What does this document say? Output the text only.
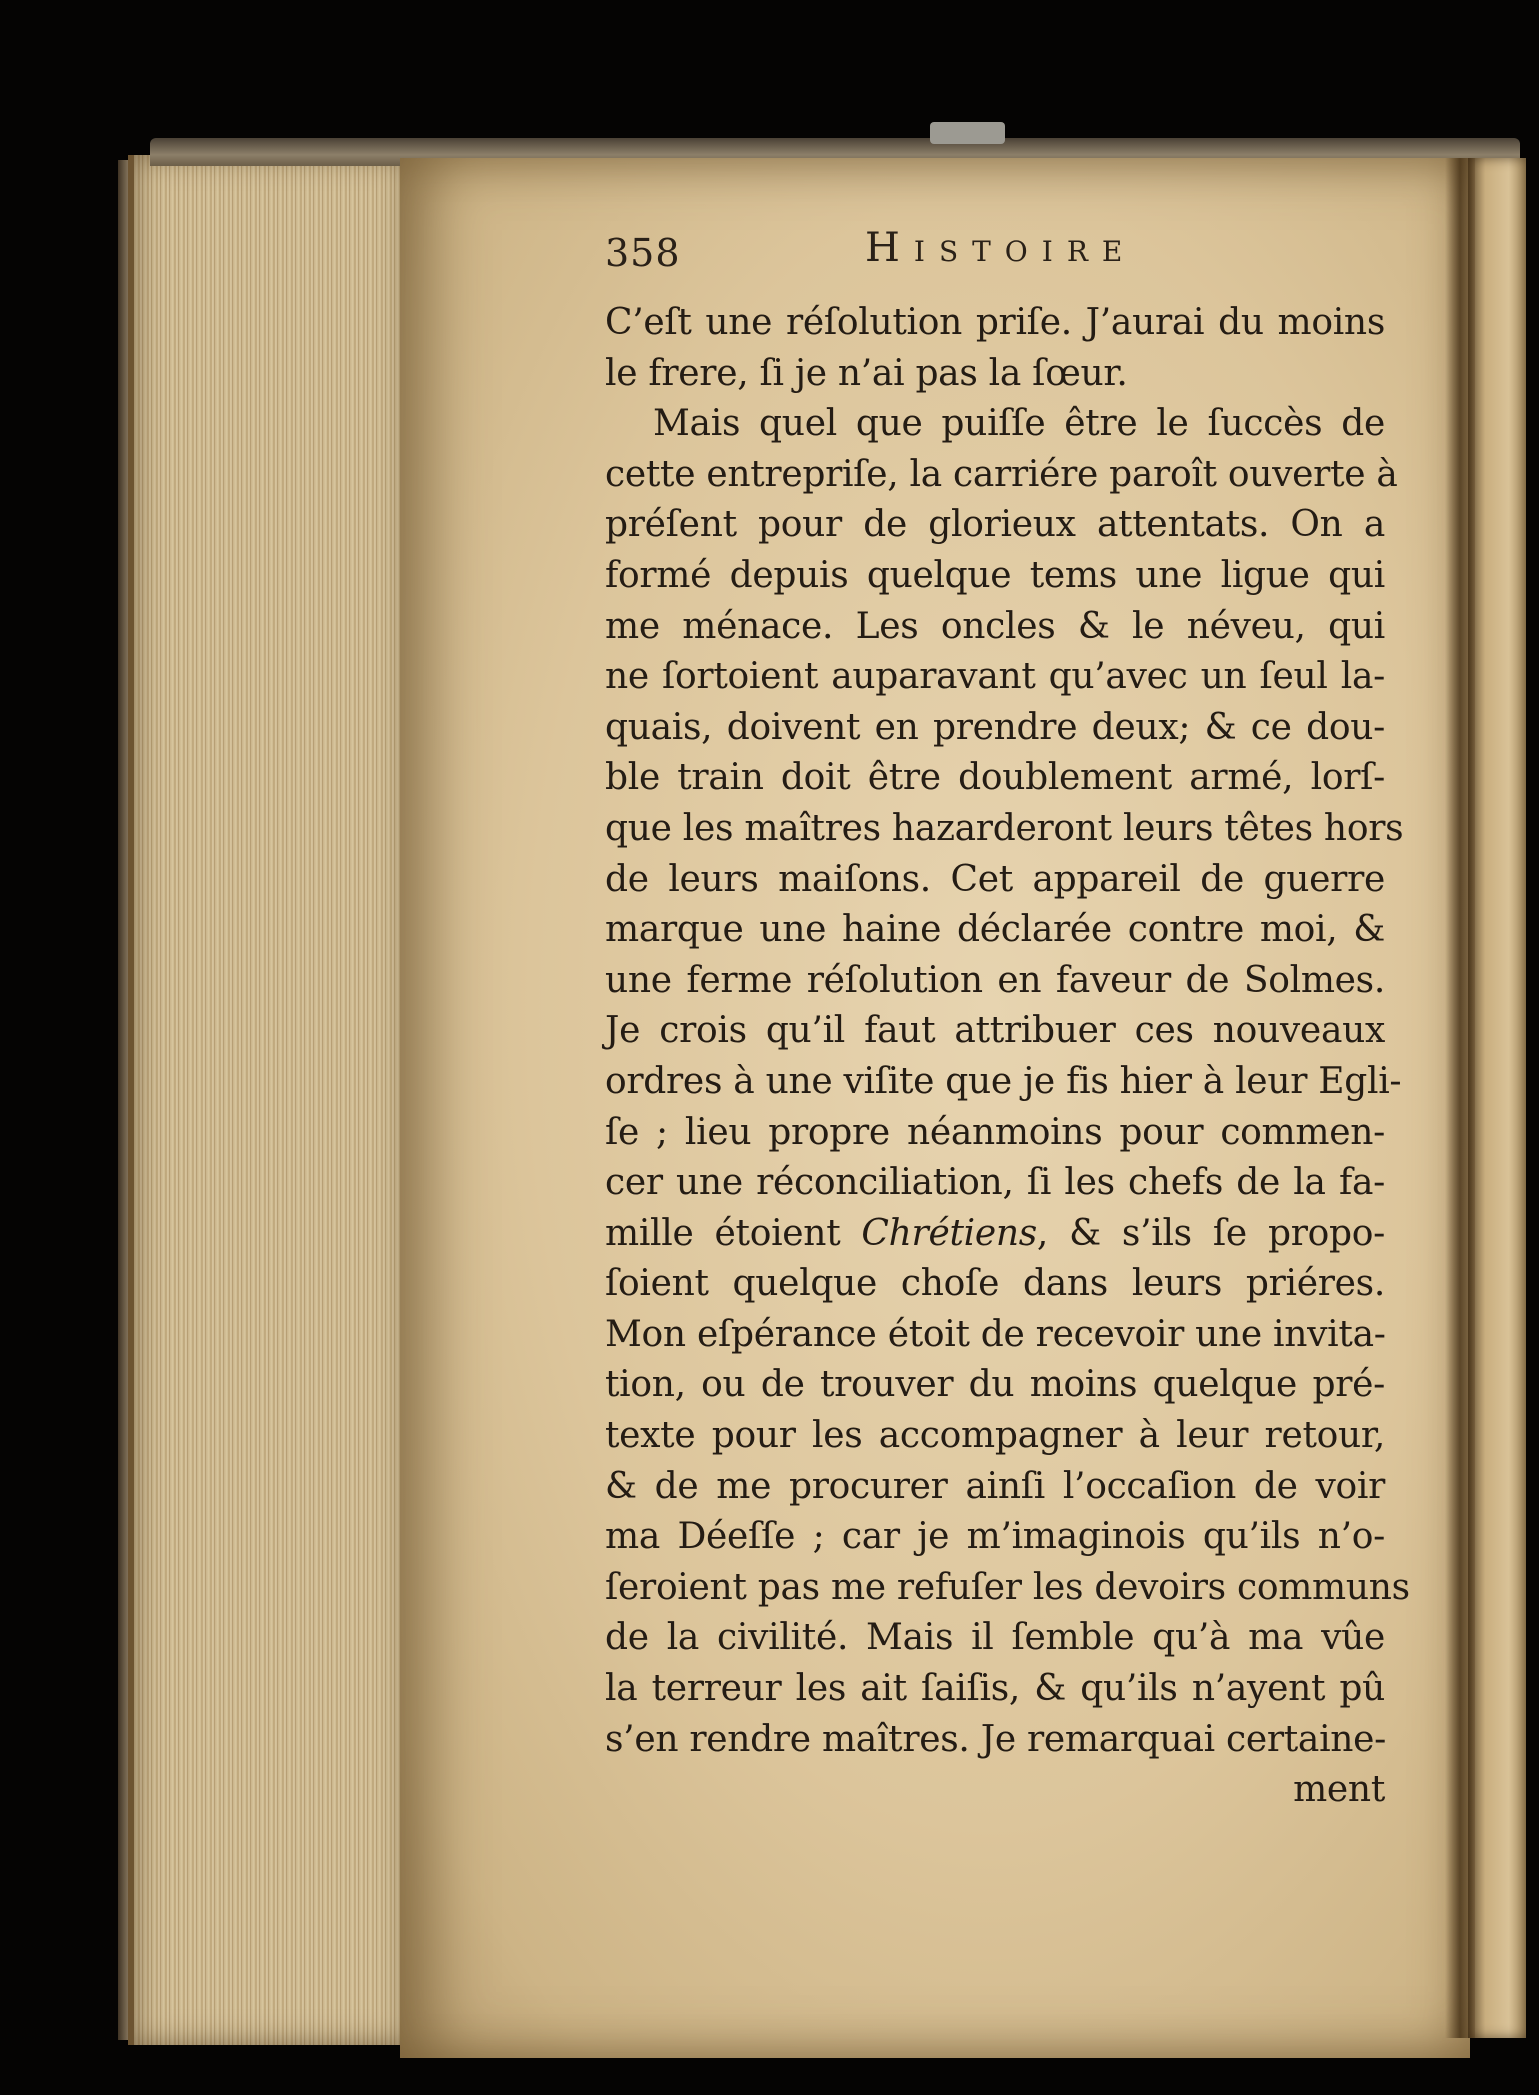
358	Histoire
C’eſt une réſolution priſe. J’aurai du moins
le frere, ſi je n’ai pas la ſœur.
Mais quel que puiſſe être le ſuccès de
cette entrepriſe, la carriére paroît ouverte à
préſent pour de glorieux attentats. On a
formé depuis quelque tems une ligue qui
me ménace. Les oncles & le néveu, qui
ne ſortoient auparavant qu’avec un ſeul la-
quais, doivent en prendre deux; & ce dou-
ble train doit être doublement armé, lorſ-
que les maîtres hazarderont leurs têtes hors
de leurs maiſons. Cet appareil de guerre
marque une haine déclarée contre moi, &
une ferme réſolution en faveur de Solmes.
Je crois qu’il faut attribuer ces nouveaux
ordres à une viſite que je fis hier à leur Egli-
ſe ; lieu propre néanmoins pour commen-
cer une réconciliation, ſi les chefs de la fa-
mille étoient Chrétiens, & s’ils ſe propo-
ſoient quelque choſe dans leurs priéres.
Mon eſpérance étoit de recevoir une invita-
tion, ou de trouver du moins quelque pré-
texte pour les accompagner à leur retour,
& de me procurer ainſi l’occaſion de voir
ma Déeſſe ; car je m’imaginois qu’ils n’o-
ſeroient pas me refuſer les devoirs communs
de la civilité. Mais il ſemble qu’à ma vûe
la terreur les ait ſaiſis, & qu’ils n’ayent pû
s’en rendre maîtres. Je remarquai certaine-
ment
